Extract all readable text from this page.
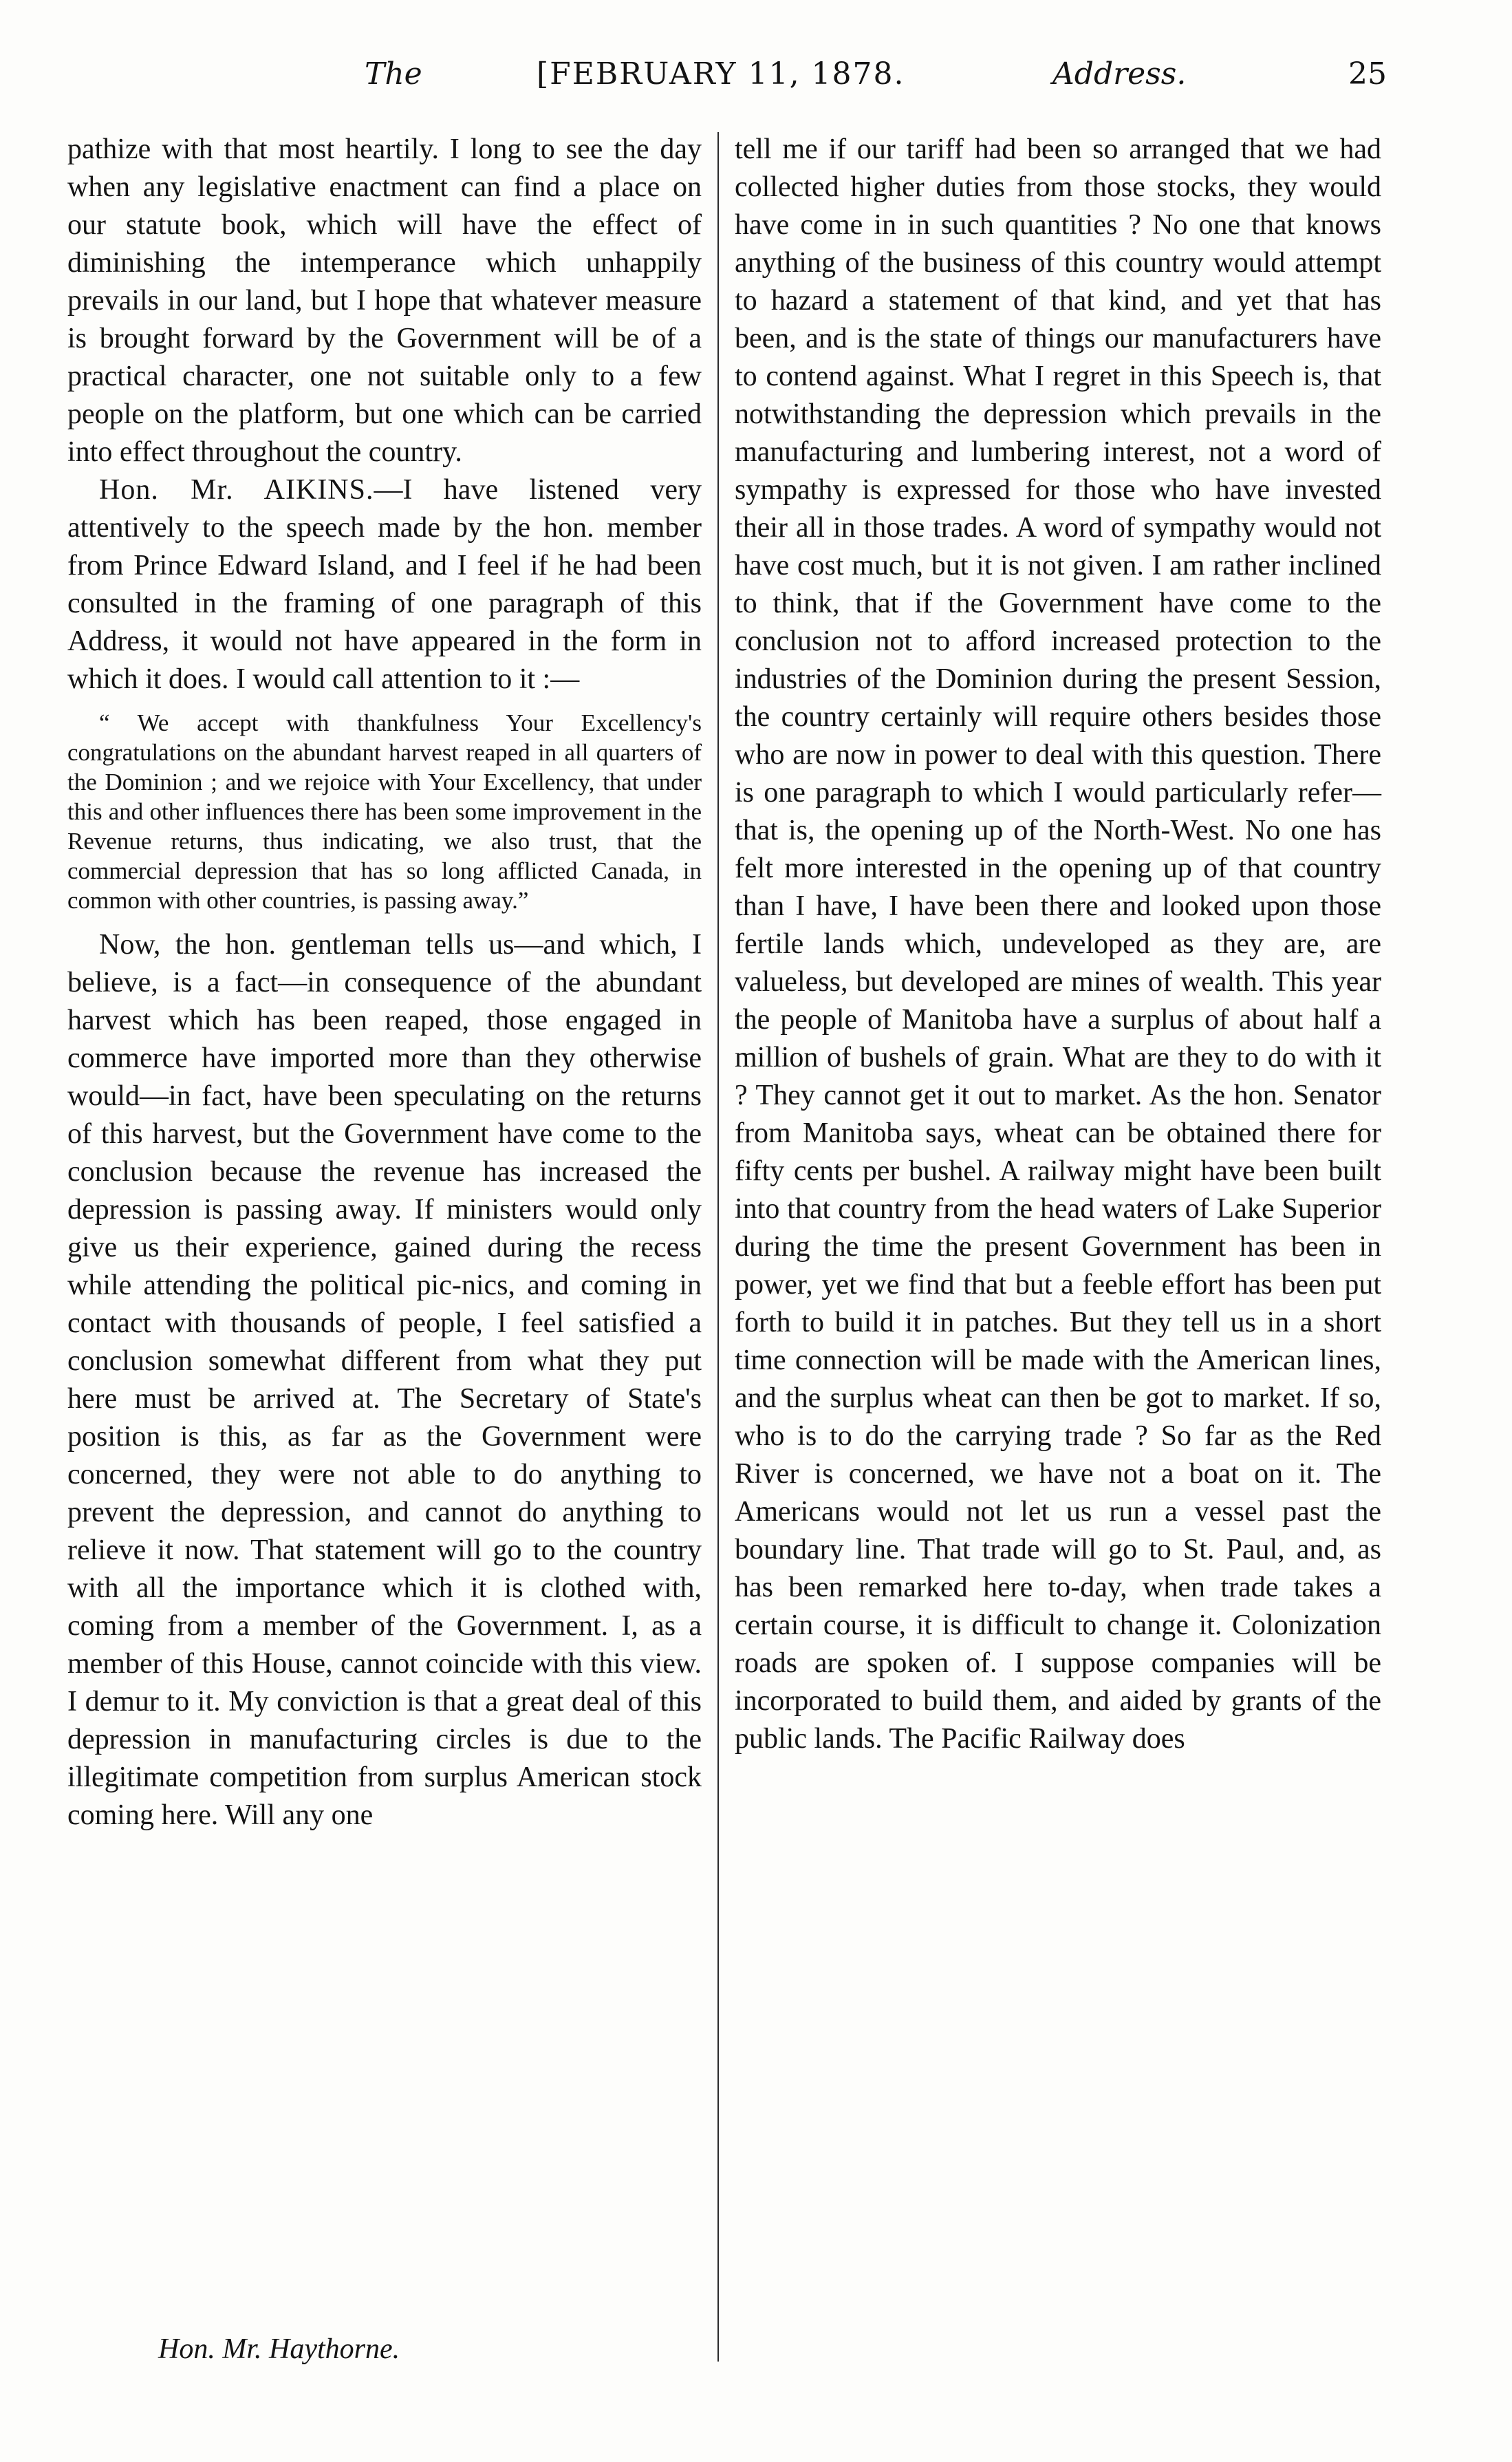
The	[FEBRUARY 11, 1878.	Address.	25

pathize with that most heartily. I long to see the day when any legislative enactment can find a place on our statute book, which will have the effect of diminishing the intemperance which unhappily prevails in our land, but I hope that whatever measure is brought forward by the Government will be of a practical character, one not suitable only to a few people on the platform, but one which can be carried into effect throughout the country.

Hon. Mr. AIKINS.—I have listened very attentively to the speech made by the hon. member from Prince Edward Island, and I feel if he had been consulted in the framing of one paragraph of this Address, it would not have appeared in the form in which it does. I would call attention to it :—

“ We accept with thankfulness Your Excellency's congratulations on the abundant harvest reaped in all quarters of the Dominion ; and we rejoice with Your Excellency, that under this and other influences there has been some improvement in the Revenue returns, thus indicating, we also trust, that the commercial depression that has so long afflicted Canada, in common with other countries, is passing away.”

Now, the hon. gentleman tells us—and which, I believe, is a fact—in consequence of the abundant harvest which has been reaped, those engaged in commerce have imported more than they otherwise would—in fact, have been speculating on the returns of this harvest, but the Government have come to the conclusion because the revenue has increased the depression is passing away. If ministers would only give us their experience, gained during the recess while attending the political pic-nics, and coming in contact with thousands of people, I feel satisfied a conclusion somewhat different from what they put here must be arrived at. The Secretary of State's position is this, as far as the Government were concerned, they were not able to do anything to prevent the depression, and cannot do anything to relieve it now. That statement will go to the country with all the importance which it is clothed with, coming from a member of the Government. I, as a member of this House, cannot coincide with this view. I demur to it. My conviction is that a great deal of this depression in manufacturing circles is due to the illegitimate competition from surplus American stock coming here. Will any one

tell me if our tariff had been so arranged that we had collected higher duties from those stocks, they would have come in in such quantities ? No one that knows anything of the business of this country would attempt to hazard a statement of that kind, and yet that has been, and is the state of things our manufacturers have to contend against. What I regret in this Speech is, that notwithstanding the depression which prevails in the manufacturing and lumbering interest, not a word of sympathy is expressed for those who have invested their all in those trades. A word of sympathy would not have cost much, but it is not given. I am rather inclined to think, that if the Government have come to the conclusion not to afford increased protection to the industries of the Dominion during the present Session, the country certainly will require others besides those who are now in power to deal with this question. There is one paragraph to which I would particularly refer—that is, the opening up of the North-West. No one has felt more interested in the opening up of that country than I have, I have been there and looked upon those fertile lands which, undeveloped as they are, are valueless, but developed are mines of wealth. This year the people of Manitoba have a surplus of about half a million of bushels of grain. What are they to do with it ? They cannot get it out to market. As the hon. Senator from Manitoba says, wheat can be obtained there for fifty cents per bushel. A railway might have been built into that country from the head waters of Lake Superior during the time the present Government has been in power, yet we find that but a feeble effort has been put forth to build it in patches. But they tell us in a short time connection will be made with the American lines, and the surplus wheat can then be got to market. If so, who is to do the carrying trade ? So far as the Red River is concerned, we have not a boat on it. The Americans would not let us run a vessel past the boundary line. That trade will go to St. Paul, and, as has been remarked here to-day, when trade takes a certain course, it is difficult to change it. Colonization roads are spoken of. I suppose companies will be incorporated to build them, and aided by grants of the public lands. The Pacific Railway does

Hon. Mr. Haythorne.
